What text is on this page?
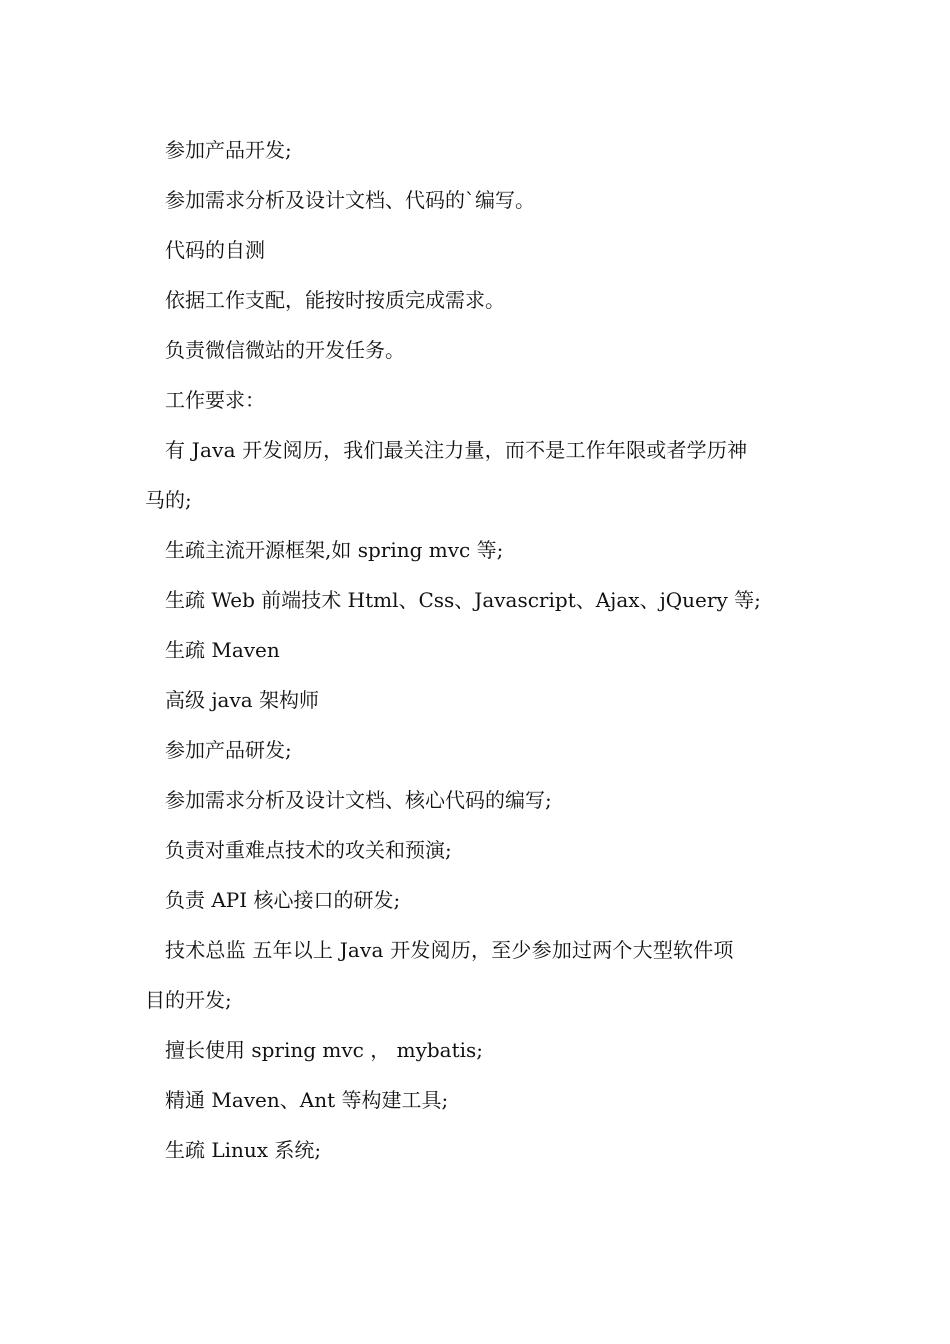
参加产品开发;
参加需求分析及设计文档、代码的`编写。
代码的自测
依据工作支配，能按时按质完成需求。
负责微信微站的开发任务。
工作要求：
有 Java 开发阅历，我们最关注力量，而不是工作年限或者学历神
马的;
生疏主流开源框架,如 spring mvc 等;
生疏 Web 前端技术 Html、Css、Javascript、Ajax、jQuery 等;
生疏 Maven
高级 java 架构师
参加产品研发;
参加需求分析及设计文档、核心代码的编写;
负责对重难点技术的攻关和预演;
负责 API 核心接口的研发;
技术总监 五年以上 Java 开发阅历，至少参加过两个大型软件项
目的开发;
擅长使用 spring mvc ， mybatis;
精通 Maven、Ant 等构建工具;
生疏 Linux 系统;
